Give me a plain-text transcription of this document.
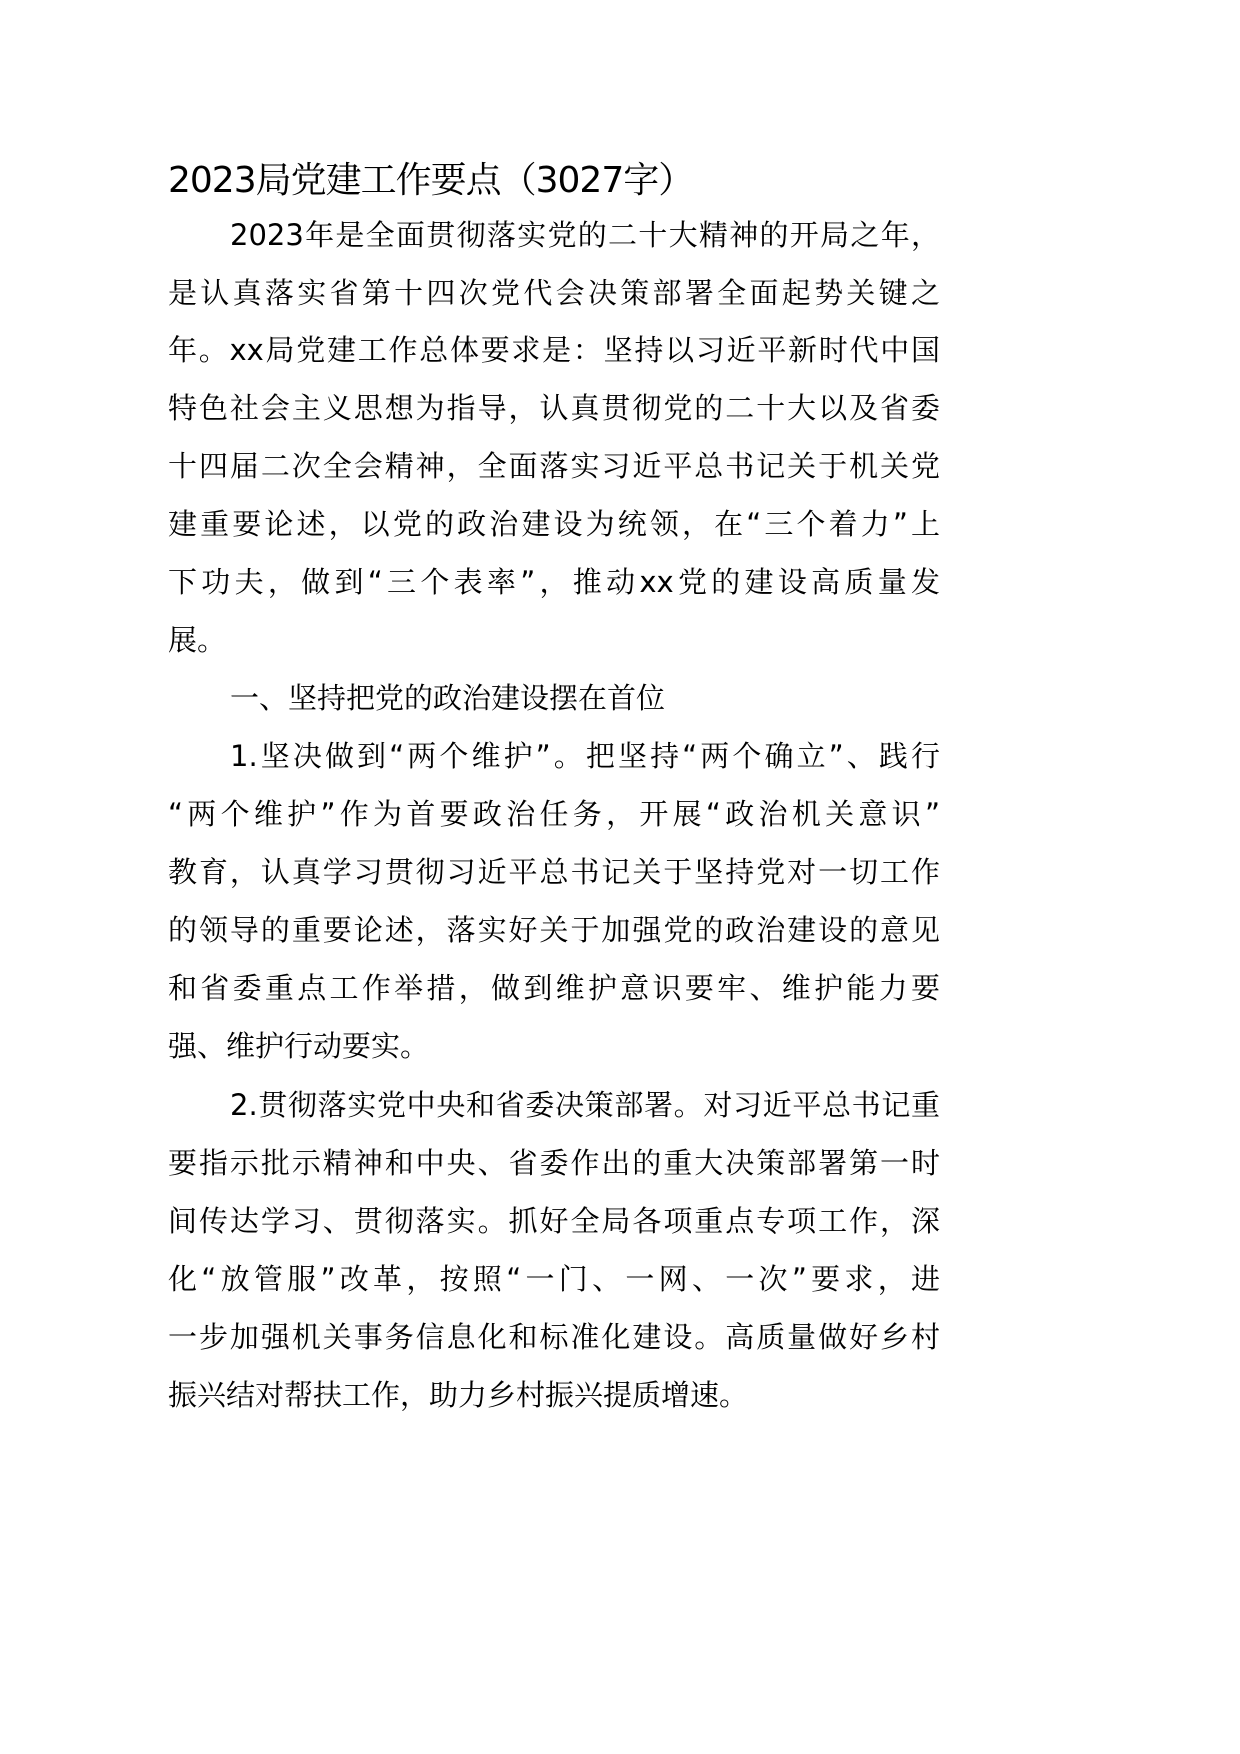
2023局党建工作要点（3027字）
2023年是全面贯彻落实党的二十大精神的开局之年，
是认真落实省第十四次党代会决策部署全面起势关键之
年。xx局党建工作总体要求是：坚持以习近平新时代中国
特色社会主义思想为指导，认真贯彻党的二十大以及省委
十四届二次全会精神，全面落实习近平总书记关于机关党
建重要论述，以党的政治建设为统领，在“三个着力”上
下功夫，做到“三个表率”，推动xx党的建设高质量发
展。
一、坚持把党的政治建设摆在首位
1.坚决做到“两个维护”。把坚持“两个确立”、践行
“两个维护”作为首要政治任务，开展“政治机关意识”
教育，认真学习贯彻习近平总书记关于坚持党对一切工作
的领导的重要论述，落实好关于加强党的政治建设的意见
和省委重点工作举措，做到维护意识要牢、维护能力要
强、维护行动要实。
2.贯彻落实党中央和省委决策部署。对习近平总书记重
要指示批示精神和中央、省委作出的重大决策部署第一时
间传达学习、贯彻落实。抓好全局各项重点专项工作，深
化“放管服”改革，按照“一门、一网、一次”要求，进
一步加强机关事务信息化和标准化建设。高质量做好乡村
振兴结对帮扶工作，助力乡村振兴提质增速。
